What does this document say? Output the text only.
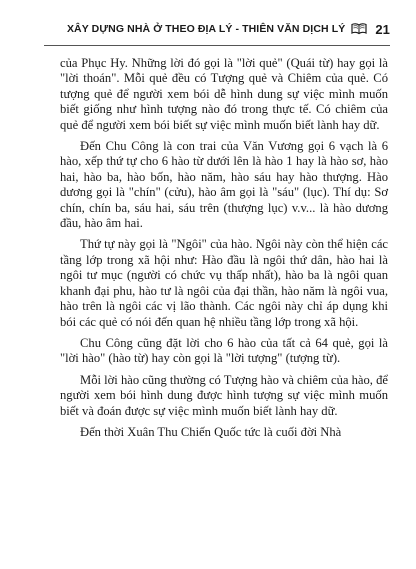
XÂY DỰNG NHÀ Ở THEO ĐỊA LÝ - THIÊN VĂN DỊCH LÝ 21

của Phục Hy. Những lời đó gọi là "lời quẻ" (Quái từ) hay gọi là "lời thoán". Mỗi quẻ đều có Tượng quẻ và Chiêm của quẻ. Có tượng quẻ để người xem bói dễ hình dung sự việc mình muốn biết giống như hình tượng nào đó trong thực tế. Có chiêm của quẻ để người xem bói biết sự việc mình muốn biết lành hay dữ.

Đến Chu Công là con trai của Văn Vương gọi 6 vạch là 6 hào, xếp thứ tự cho 6 hào từ dưới lên là hào 1 hay là hào sơ, hào hai, hào ba, hào bốn, hào năm, hào sáu hay hào thượng. Hào dương gọi là "chín" (cửu), hào âm gọi là "sáu" (lục). Thí dụ: Sơ chín, chín ba, sáu hai, sáu trên (thượng lục) v.v... là hào dương đầu, hào âm hai.

Thứ tự này gọi là "Ngôi" của hào. Ngôi này còn thể hiện các tầng lớp trong xã hội như: Hào đầu là ngôi thứ dân, hào hai là ngôi tư mục (người có chức vụ thấp nhất), hào ba là ngôi quan khanh đại phu, hào tư là ngôi của đại thần, hào năm là ngôi vua, hào trên là ngôi các vị lão thành. Các ngôi này chỉ áp dụng khi bói các quẻ có nói đến quan hệ nhiều tầng lớp trong xã hội.

Chu Công cũng đặt lời cho 6 hào của tất cả 64 quẻ, gọi là "lời hào" (hào từ) hay còn gọi là "lời tượng" (tượng từ).

Mỗi lời hào cũng thường có Tượng hào và chiêm của hào, để người xem bói hình dung được hình tượng sự việc mình muốn biết và đoán được sự việc mình muốn biết lành hay dữ.

Đến thời Xuân Thu Chiến Quốc tức là cuối đời Nhà
